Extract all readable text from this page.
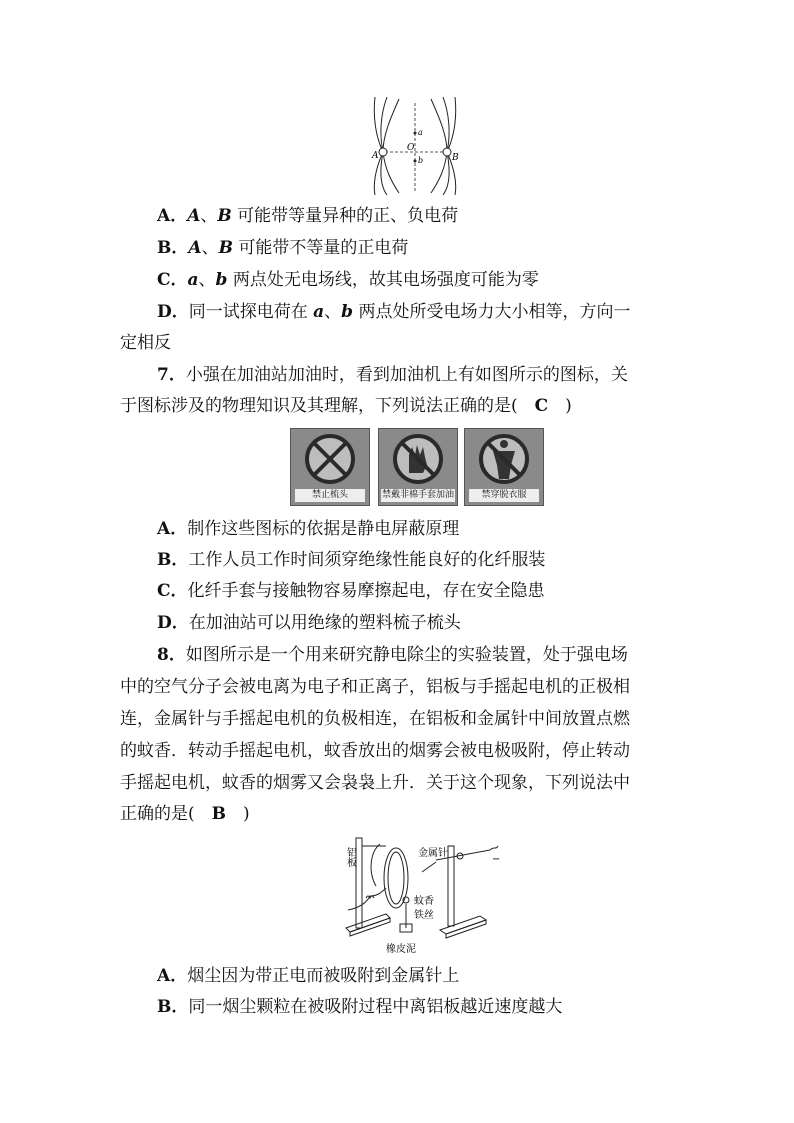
A	B
O
a
b
A．A、B 可能带等量异种的正、负电荷
B．A、B 可能带不等量的正电荷
C．a、b 两点处无电场线，故其电场强度可能为零
D．同一试探电荷在 a、b 两点处所受电场力大小相等，方向一
定相反
7．小强在加油站加油时，看到加油机上有如图所示的图标，关
于图标涉及的物理知识及其理解，下列说法正确的是(　C　)
禁止梳头	禁戴非棉手套加油	禁穿脱衣服
A．制作这些图标的依据是静电屏蔽原理
B．工作人员工作时间须穿绝缘性能良好的化纤服装
C．化纤手套与接触物容易摩擦起电，存在安全隐患
D．在加油站可以用绝缘的塑料梳子梳头
8．如图所示是一个用来研究静电除尘的实验装置，处于强电场
中的空气分子会被电离为电子和正离子，铝板与手摇起电机的正极相
连，金属针与手摇起电机的负极相连，在铝板和金属针中间放置点燃
的蚊香．转动手摇起电机，蚊香放出的烟雾会被电极吸附，停止转动
手摇起电机，蚊香的烟雾又会袅袅上升．关于这个现象，下列说法中
正确的是(　B　)
铝板	金属针
−
蚊香
铁丝
橡皮泥
A．烟尘因为带正电而被吸附到金属针上
B．同一烟尘颗粒在被吸附过程中离铝板越近速度越大
